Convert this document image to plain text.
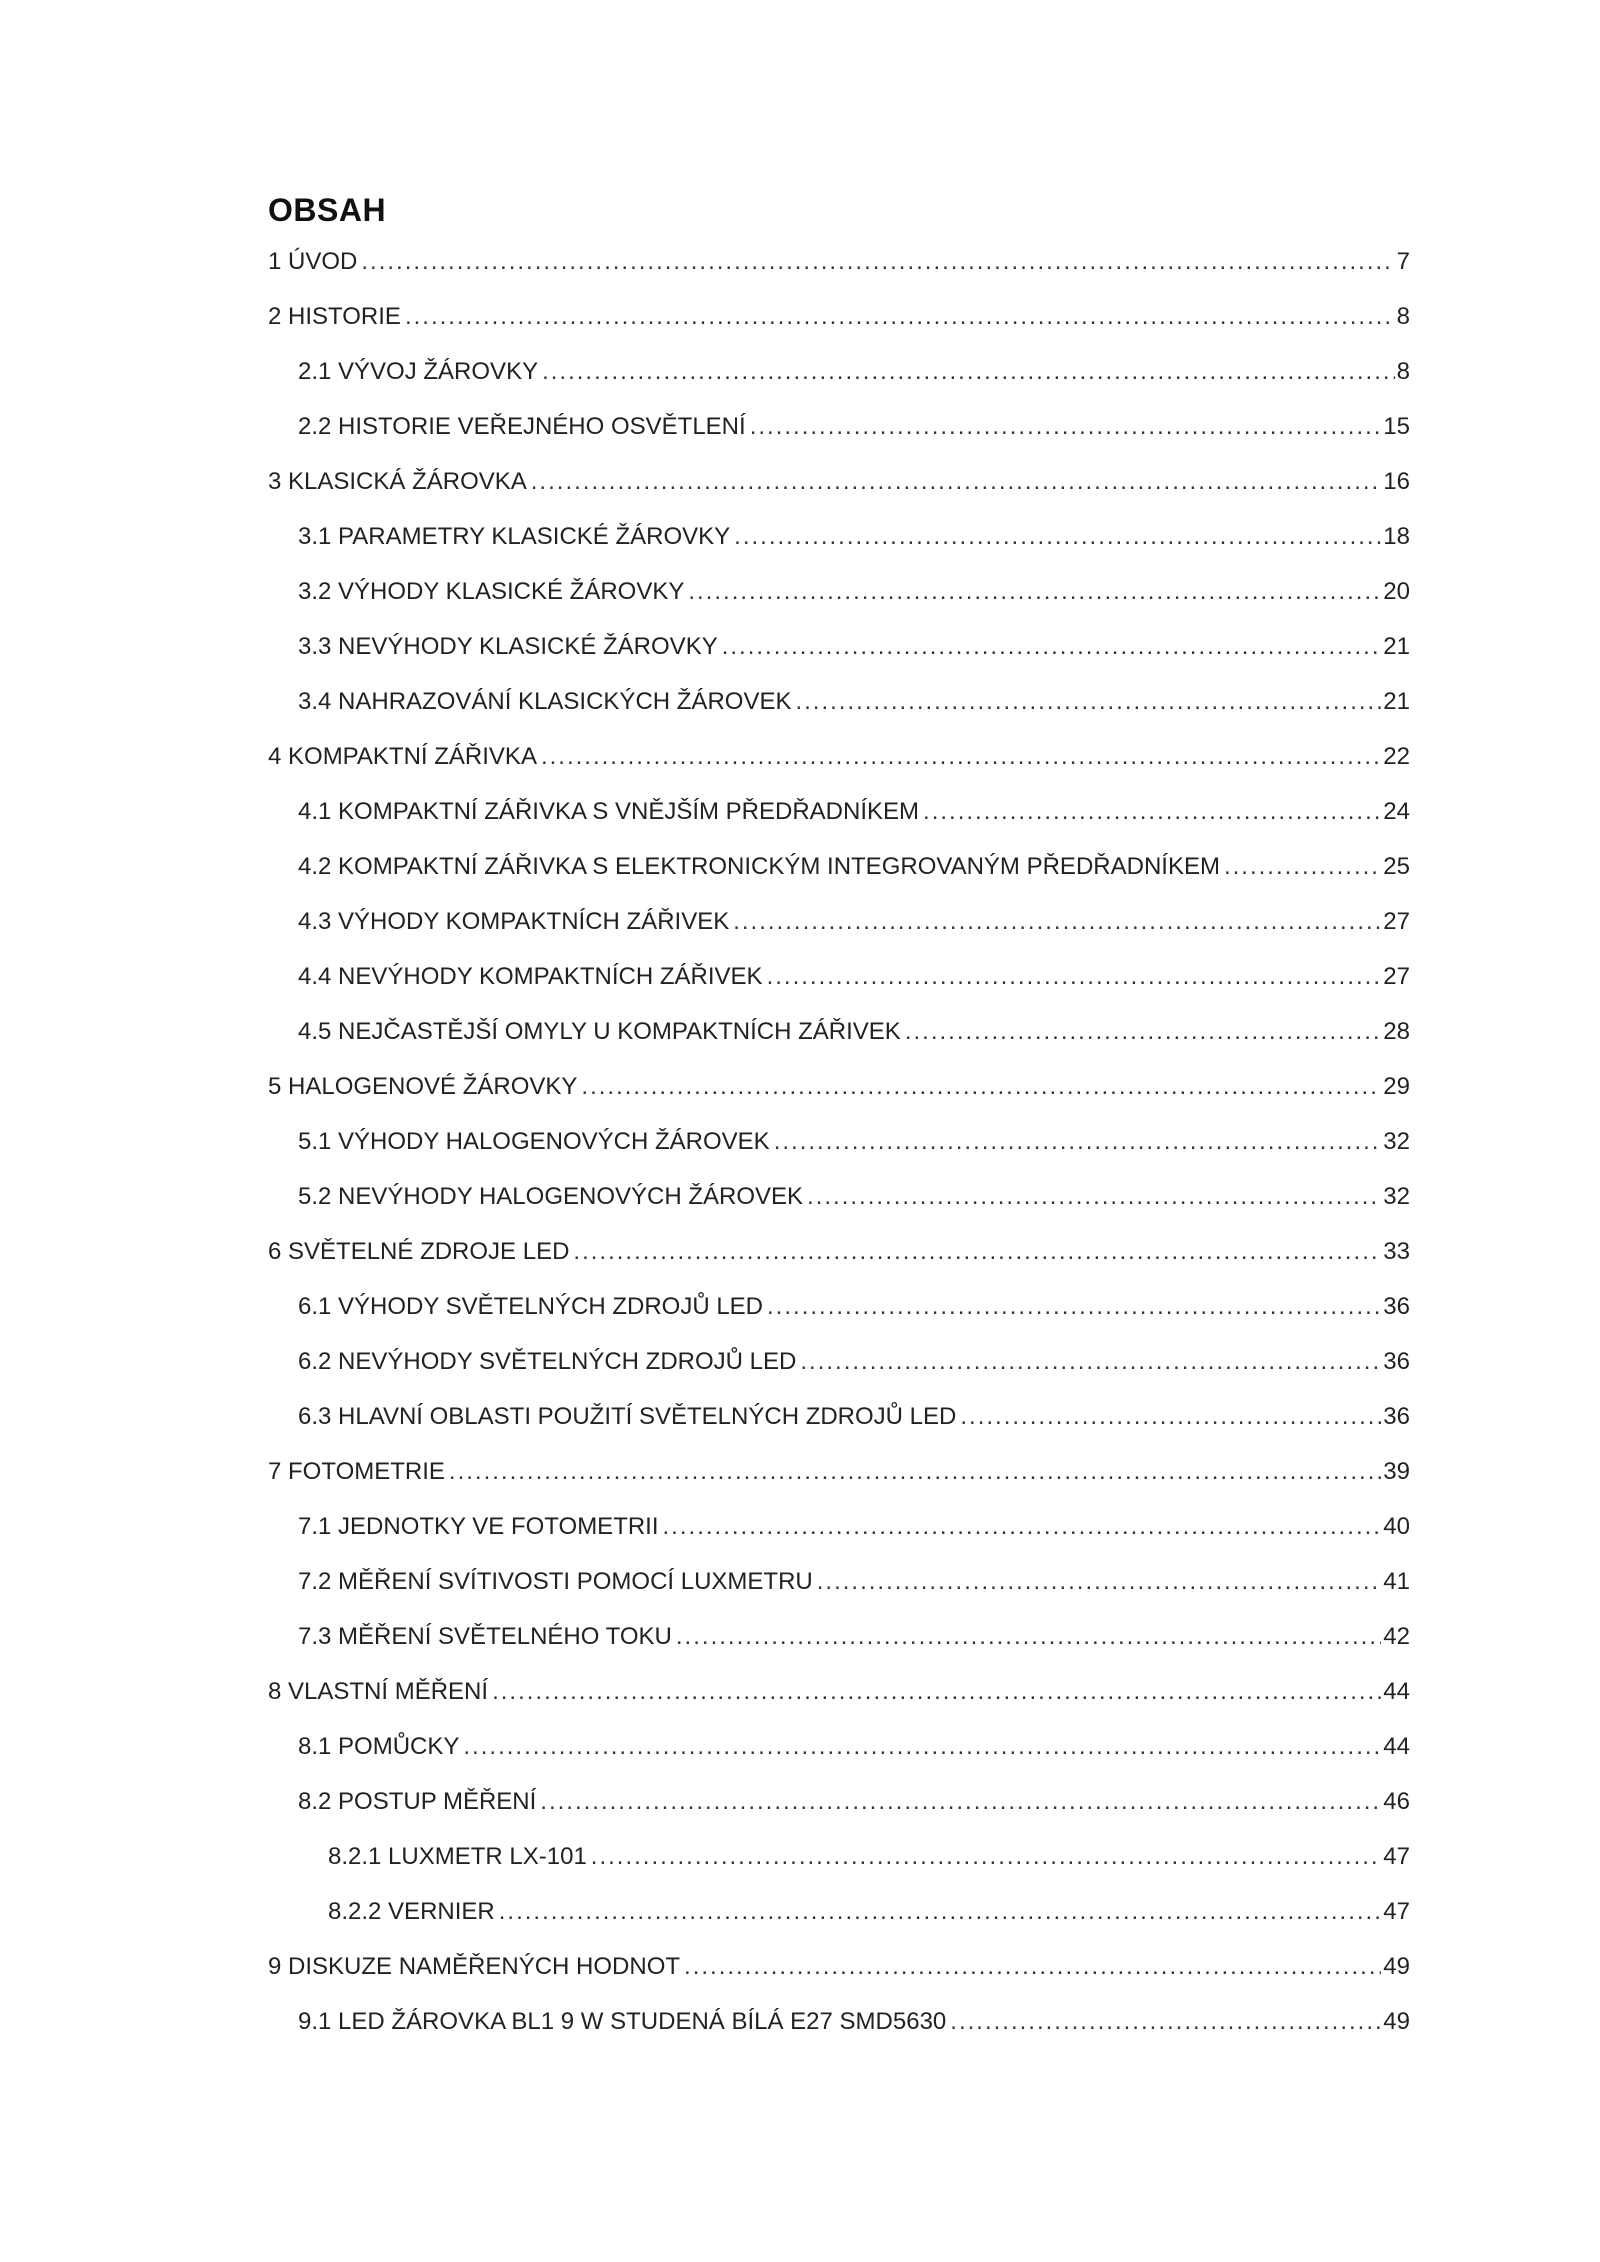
OBSAH
1 ÚVOD .....	7
2 HISTORIE .....	8
2.1 VÝVOJ ŽÁROVKY .....	8
2.2 HISTORIE VEŘEJNÉHO OSVĚTLENÍ .....	15
3 KLASICKÁ ŽÁROVKA .....	16
3.1 PARAMETRY KLASICKÉ ŽÁROVKY .....	18
3.2 VÝHODY KLASICKÉ ŽÁROVKY .....	20
3.3 NEVÝHODY KLASICKÉ ŽÁROVKY .....	21
3.4 NAHRAZOVÁNÍ KLASICKÝCH ŽÁROVEK .....	21
4 KOMPAKTNÍ ZÁŘIVKA .....	22
4.1 KOMPAKTNÍ ZÁŘIVKA S VNĚJŠÍM PŘEDŘADNÍKEM .....	24
4.2 KOMPAKTNÍ ZÁŘIVKA S ELEKTRONICKÝM INTEGROVANÝM PŘEDŘADNÍKEM .....	25
4.3 VÝHODY KOMPAKTNÍCH ZÁŘIVEK .....	27
4.4 NEVÝHODY KOMPAKTNÍCH ZÁŘIVEK .....	27
4.5 NEJČASTĚJŠÍ OMYLY U KOMPAKTNÍCH ZÁŘIVEK .....	28
5 HALOGENOVÉ ŽÁROVKY .....	29
5.1 VÝHODY HALOGENOVÝCH ŽÁROVEK .....	32
5.2 NEVÝHODY HALOGENOVÝCH ŽÁROVEK .....	32
6 SVĚTELNÉ ZDROJE LED .....	33
6.1 VÝHODY SVĚTELNÝCH ZDROJŮ LED .....	36
6.2 NEVÝHODY SVĚTELNÝCH ZDROJŮ LED .....	36
6.3 HLAVNÍ OBLASTI POUŽITÍ SVĚTELNÝCH ZDROJŮ LED .....	36
7 FOTOMETRIE .....	39
7.1 JEDNOTKY VE FOTOMETRII .....	40
7.2 MĚŘENÍ SVÍTIVOSTI POMOCÍ LUXMETRU .....	41
7.3 MĚŘENÍ SVĚTELNÉHO TOKU .....	42
8 VLASTNÍ MĚŘENÍ .....	44
8.1 POMŮCKY .....	44
8.2 POSTUP MĚŘENÍ .....	46
8.2.1 LUXMETR LX-101 .....	47
8.2.2 VERNIER .....	47
9 DISKUZE NAMĚŘENÝCH HODNOT .....	49
9.1 LED ŽÁROVKA BL1 9 W STUDENÁ BÍLÁ E27 SMD5630 .....	49
